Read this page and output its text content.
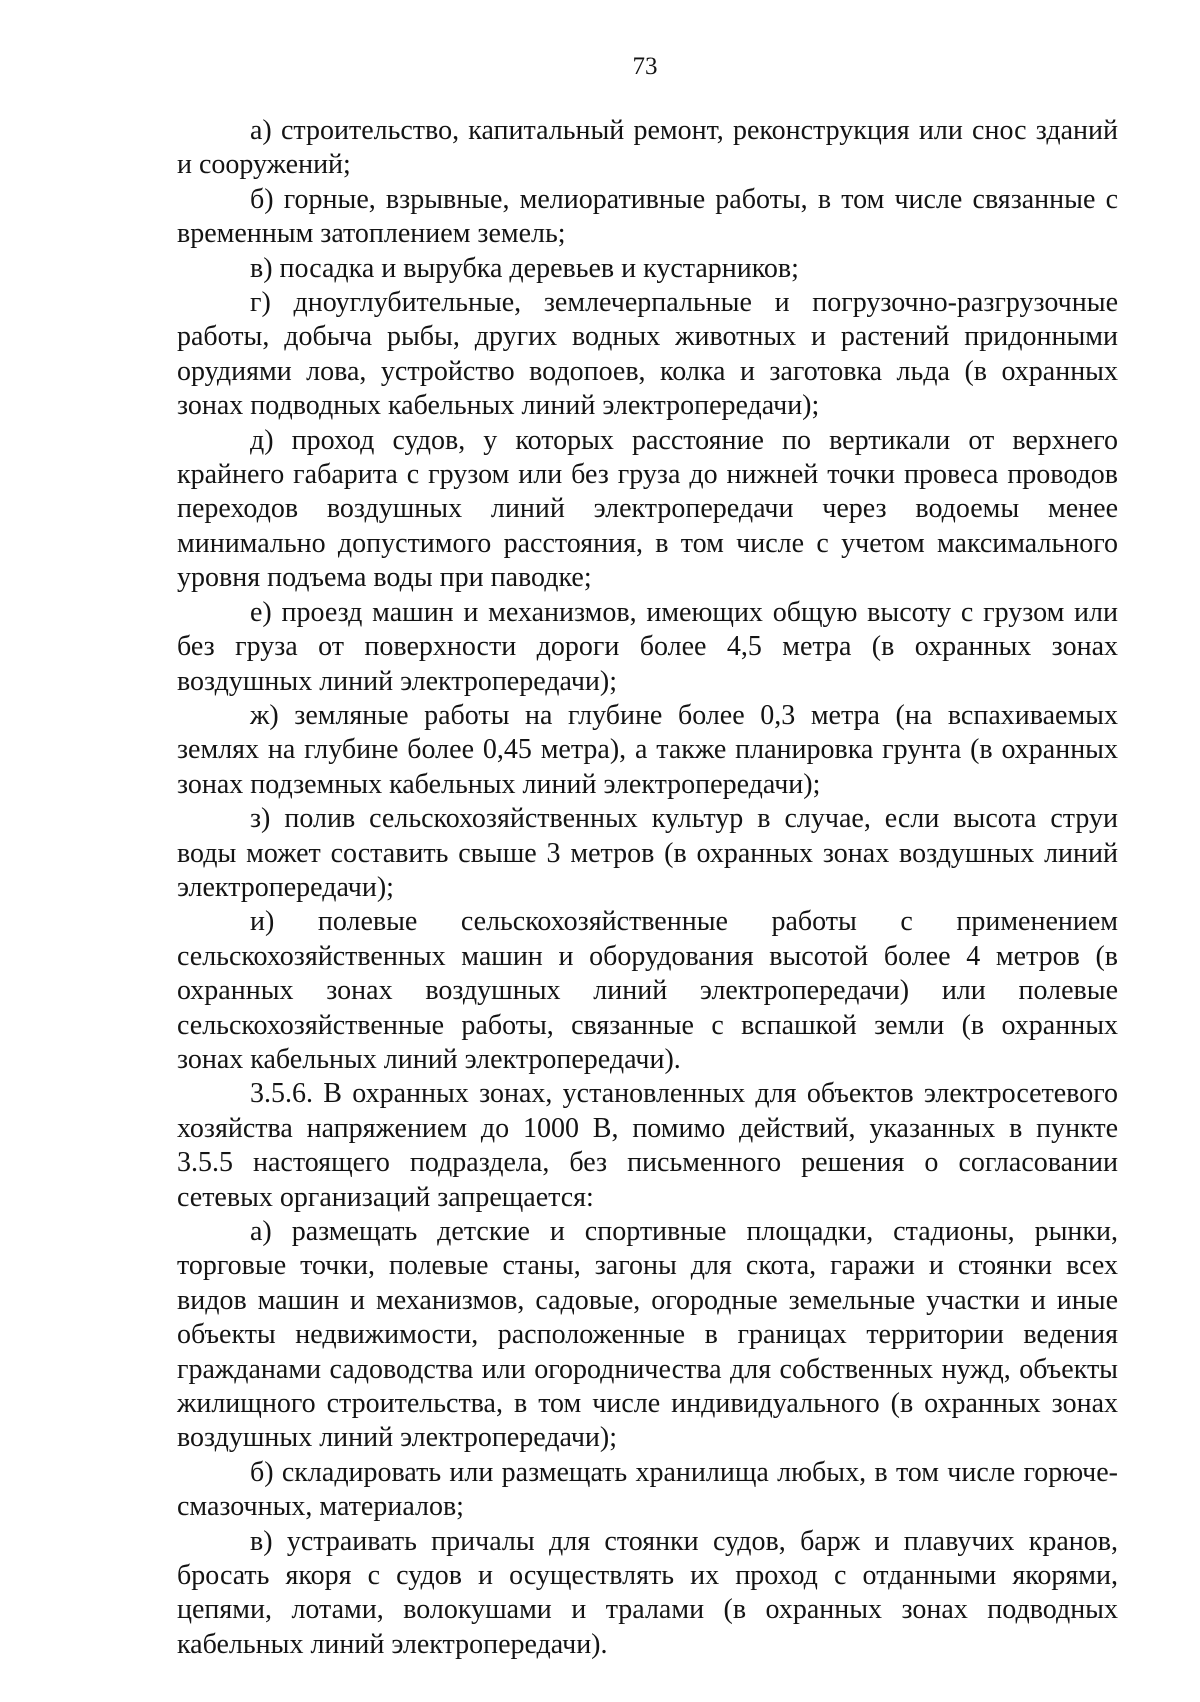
73

а) строительство, капитальный ремонт, реконструкция или снос зданий и сооружений;

б) горные, взрывные, мелиоративные работы, в том числе связанные с временным затоплением земель;

в) посадка и вырубка деревьев и кустарников;

г) дноуглубительные, землечерпальные и погрузочно-разгрузочные работы, добыча рыбы, других водных животных и растений придонными орудиями лова, устройство водопоев, колка и заготовка льда (в охранных зонах подводных кабельных линий электропередачи);

д) проход судов, у которых расстояние по вертикали от верхнего крайнего габарита с грузом или без груза до нижней точки провеса проводов переходов воздушных линий электропередачи через водоемы менее минимально допустимого расстояния, в том числе с учетом максимального уровня подъема воды при паводке;

е) проезд машин и механизмов, имеющих общую высоту с грузом или без груза от поверхности дороги более 4,5 метра (в охранных зонах воздушных линий электропередачи);

ж) земляные работы на глубине более 0,3 метра (на вспахиваемых землях на глубине более 0,45 метра), а также планировка грунта (в охранных зонах подземных кабельных линий электропередачи);

з) полив сельскохозяйственных культур в случае, если высота струи воды может составить свыше 3 метров (в охранных зонах воздушных линий электропередачи);

и) полевые сельскохозяйственные работы с применением сельскохозяйственных машин и оборудования высотой более 4 метров (в охранных зонах воздушных линий электропередачи) или полевые сельскохозяйственные работы, связанные с вспашкой земли (в охранных зонах кабельных линий электропередачи).

3.5.6. В охранных зонах, установленных для объектов электросетевого хозяйства напряжением до 1000 В, помимо действий, указанных в пункте 3.5.5 настоящего подраздела, без письменного решения о согласовании сетевых организаций запрещается:

а) размещать детские и спортивные площадки, стадионы, рынки, торговые точки, полевые станы, загоны для скота, гаражи и стоянки всех видов машин и механизмов, садовые, огородные земельные участки и иные объекты недвижимости, расположенные в границах территории ведения гражданами садоводства или огородничества для собственных нужд, объекты жилищного строительства, в том числе индивидуального (в охранных зонах воздушных линий электропередачи);

б) складировать или размещать хранилища любых, в том числе горюче-смазочных, материалов;

в) устраивать причалы для стоянки судов, барж и плавучих кранов, бросать якоря с судов и осуществлять их проход с отданными якорями, цепями, лотами, волокушами и тралами (в охранных зонах подводных кабельных линий электропередачи).
